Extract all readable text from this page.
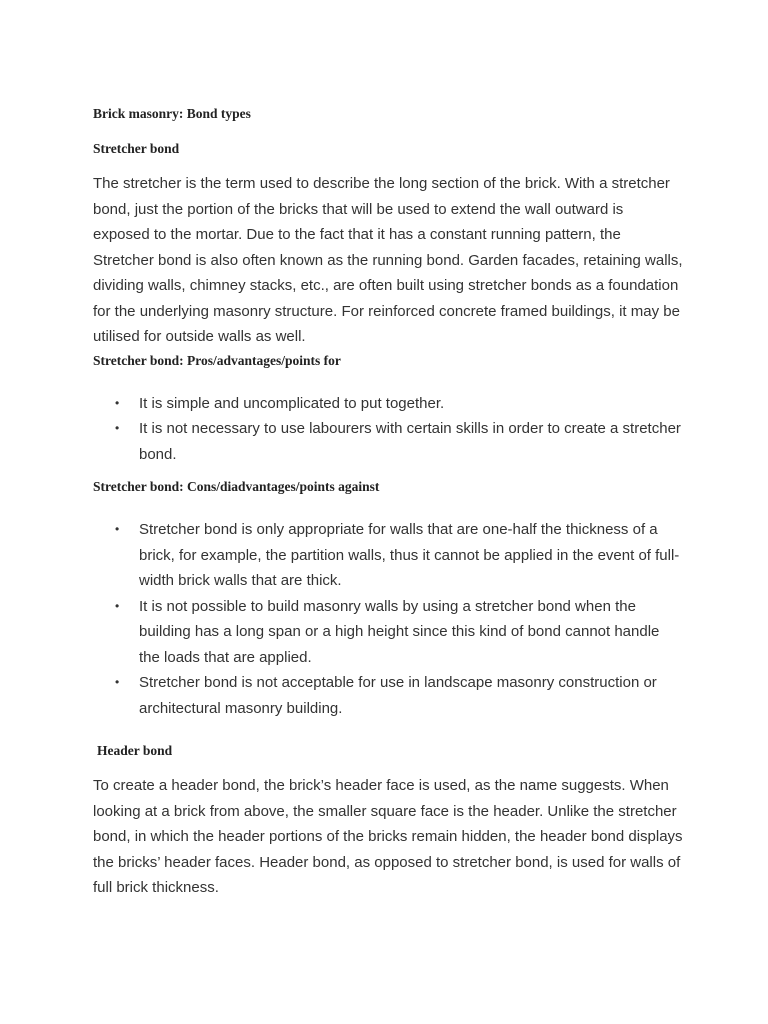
Brick masonry: Bond types
Stretcher bond

The stretcher is the term used to describe the long section of the brick. With a stretcher bond, just the portion of the bricks that will be used to extend the wall outward is exposed to the mortar. Due to the fact that it has a constant running pattern, the Stretcher bond is also often known as the running bond. Garden facades, retaining walls, dividing walls, chimney stacks, etc., are often built using stretcher bonds as a foundation for the underlying masonry structure. For reinforced concrete framed buildings, it may be utilised for outside walls as well.

Stretcher bond: Pros/advantages/points for
• It is simple and uncomplicated to put together.
• It is not necessary to use labourers with certain skills in order to create a stretcher bond.
Stretcher bond: Cons/diadvantages/points against
• Stretcher bond is only appropriate for walls that are one-half the thickness of a brick, for example, the partition walls, thus it cannot be applied in the event of full-width brick walls that are thick.
• It is not possible to build masonry walls by using a stretcher bond when the building has a long span or a high height since this kind of bond cannot handle the loads that are applied.
• Stretcher bond is not acceptable for use in landscape masonry construction or architectural masonry building.
Header bond

To create a header bond, the brick’s header face is used, as the name suggests. When looking at a brick from above, the smaller square face is the header. Unlike the stretcher bond, in which the header portions of the bricks remain hidden, the header bond displays the bricks’ header faces. Header bond, as opposed to stretcher bond, is used for walls of full brick thickness.
